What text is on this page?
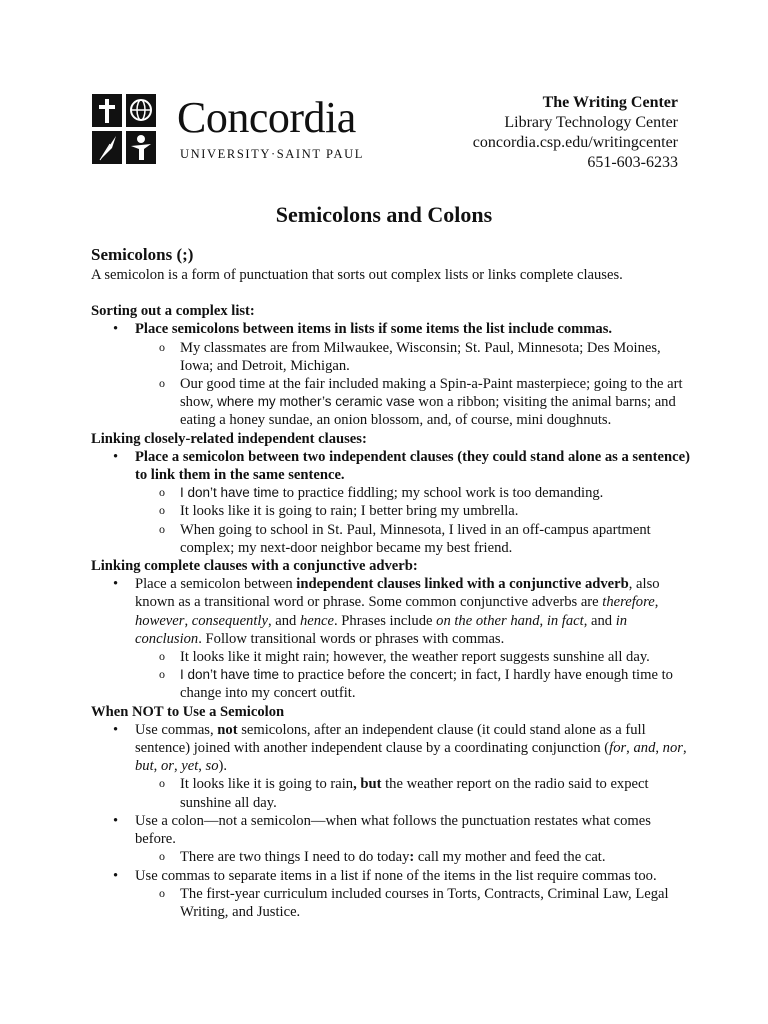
Concordia
UNIVERSITY·SAINT PAUL
The Writing Center
Library Technology Center
concordia.csp.edu/writingcenter
651-603-6233
Semicolons and Colons

Semicolons (;)

A semicolon is a form of punctuation that sorts out complex lists or links complete clauses.

Sorting out a complex list:

• Place semicolons between items in lists if some items the list include commas.
o My classmates are from Milwaukee, Wisconsin; St. Paul, Minnesota; Des Moines, Iowa; and Detroit, Michigan.
o Our good time at the fair included making a Spin-a-Paint masterpiece; going to the art show, where my mother’s ceramic vase won a ribbon; visiting the animal barns; and eating a honey sundae, an onion blossom, and, of course, mini doughnuts.

Linking closely-related independent clauses:

• Place a semicolon between two independent clauses (they could stand alone as a sentence) to link them in the same sentence.
o I don’t have time to practice fiddling; my school work is too demanding.
o It looks like it is going to rain; I better bring my umbrella.
o When going to school in St. Paul, Minnesota, I lived in an off-campus apartment complex; my next-door neighbor became my best friend.

Linking complete clauses with a conjunctive adverb:

• Place a semicolon between independent clauses linked with a conjunctive adverb, also known as a transitional word or phrase. Some common conjunctive adverbs are therefore, however, consequently, and hence. Phrases include on the other hand, in fact, and in conclusion. Follow transitional words or phrases with commas.
o It looks like it might rain; however, the weather report suggests sunshine all day.
o I don’t have time to practice before the concert; in fact, I hardly have enough time to change into my concert outfit.

When NOT to Use a Semicolon

• Use commas, not semicolons, after an independent clause (it could stand alone as a full sentence) joined with another independent clause by a coordinating conjunction (for, and, nor, but, or, yet, so).
o It looks like it is going to rain, but the weather report on the radio said to expect sunshine all day.
• Use a colon—not a semicolon—when what follows the punctuation restates what comes before.
o There are two things I need to do today: call my mother and feed the cat.
• Use commas to separate items in a list if none of the items in the list require commas too.
o The first-year curriculum included courses in Torts, Contracts, Criminal Law, Legal Writing, and Justice.
